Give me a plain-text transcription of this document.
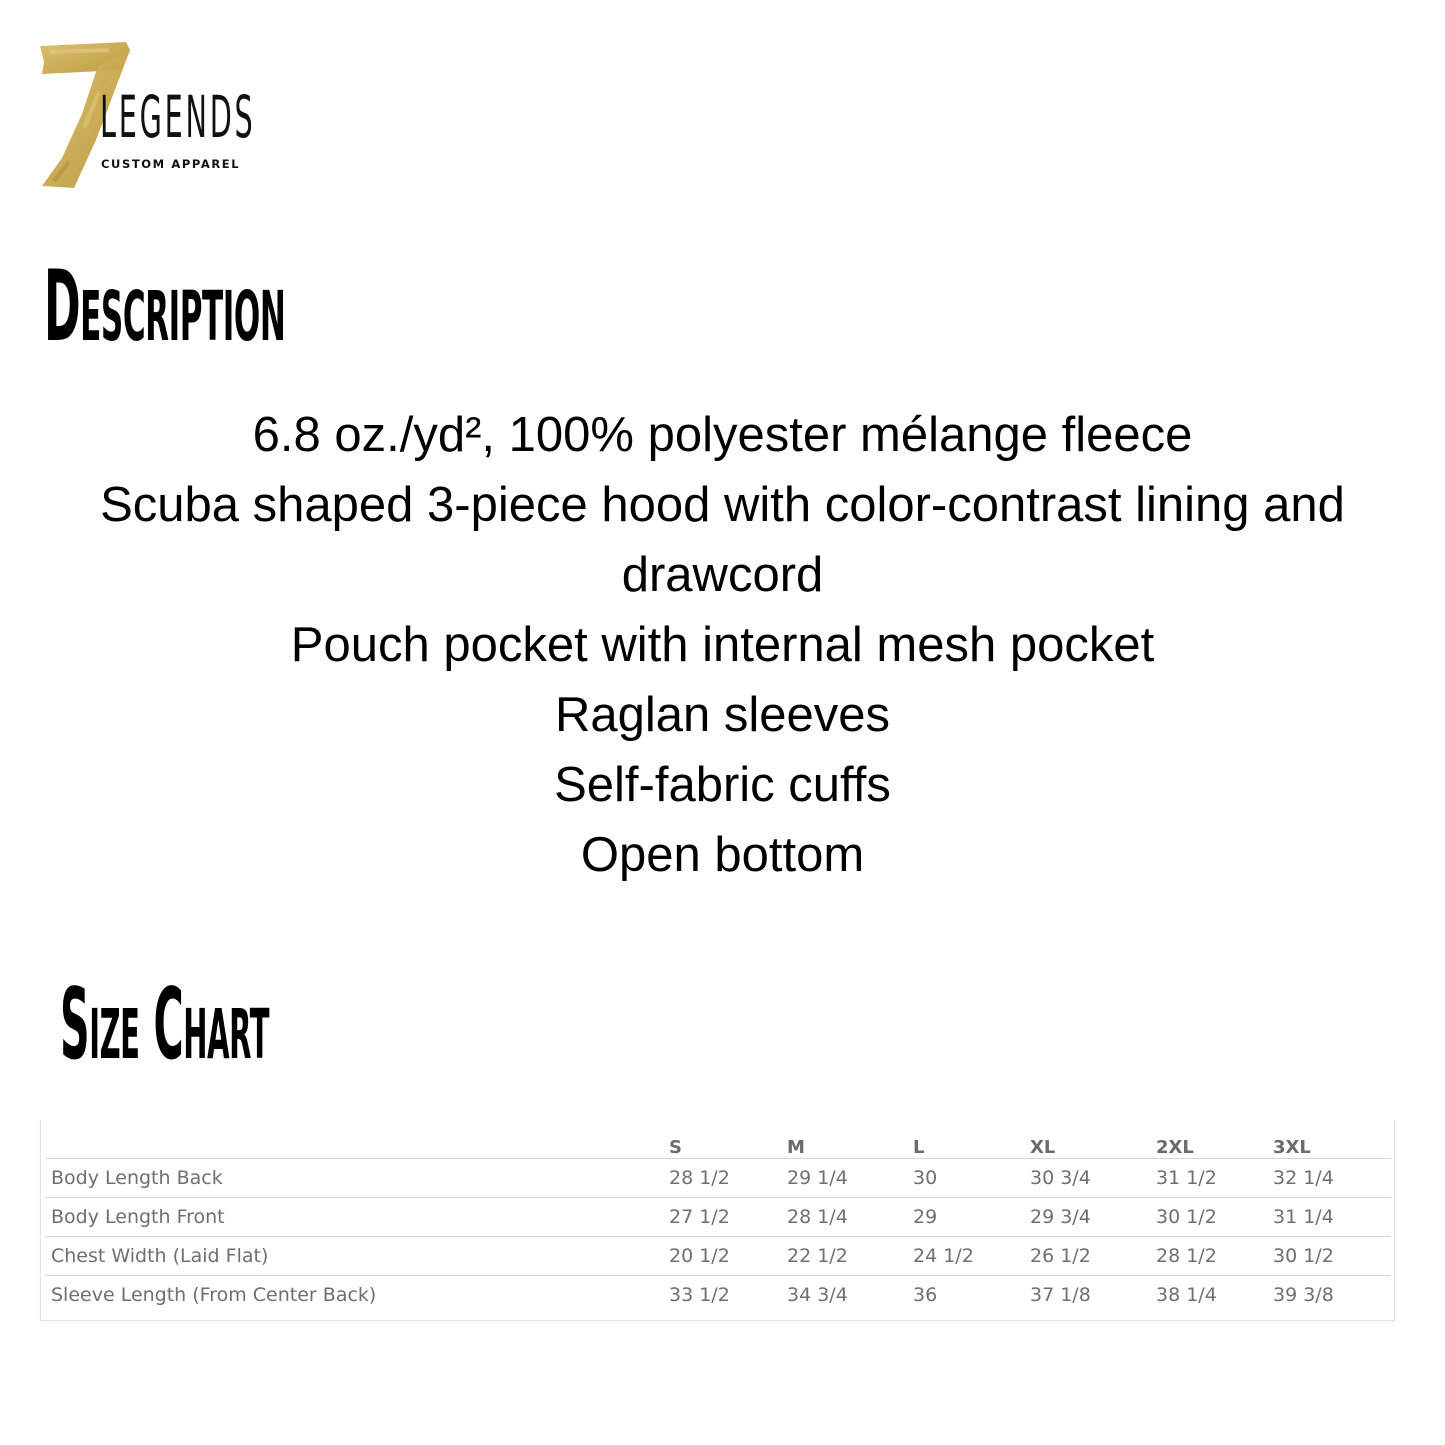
LEGENDS
CUSTOM APPAREL
Description
6.8 oz./yd², 100% polyester mélange fleece
Scuba shaped 3-piece hood with color-contrast lining and drawcord
Pouch pocket with internal mesh pocket
Raglan sleeves
Self-fabric cuffs
Open bottom
Size Chart
	S	M	L	XL	2XL	3XL
Body Length Back	28 1/2	29 1/4	30	30 3/4	31 1/2	32 1/4
Body Length Front	27 1/2	28 1/4	29	29 3/4	30 1/2	31 1/4
Chest Width (Laid Flat)	20 1/2	22 1/2	24 1/2	26 1/2	28 1/2	30 1/2
Sleeve Length (From Center Back)	33 1/2	34 3/4	36	37 1/8	38 1/4	39 3/8
